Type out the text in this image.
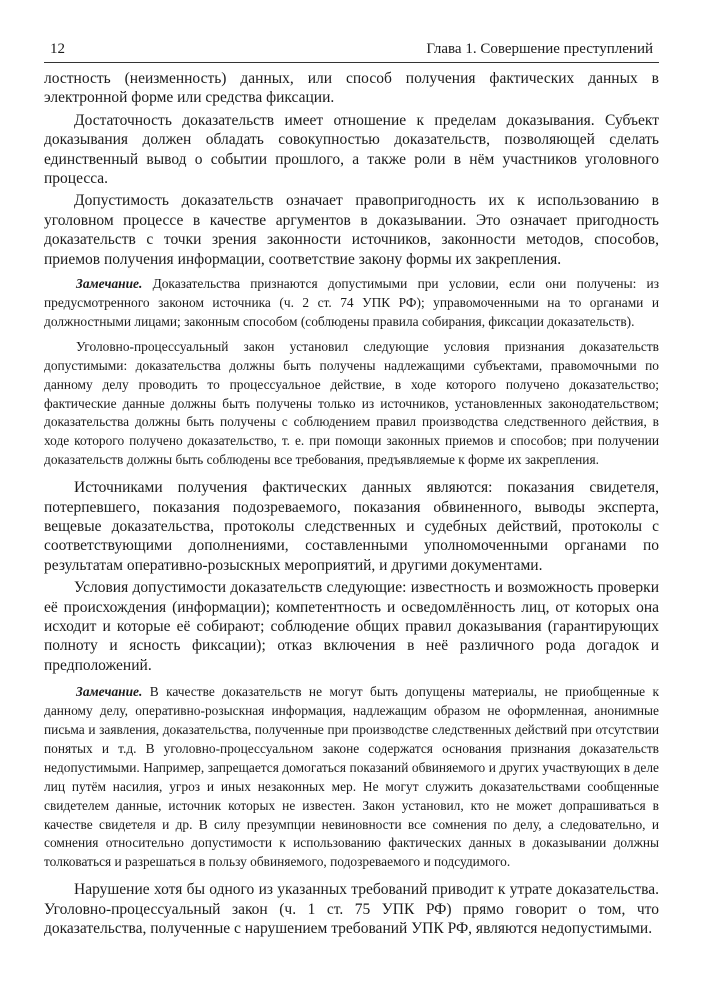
12	Глава 1. Совершение преступлений

лостность (неизменность) данных, или способ получения фактических данных в электронной форме или средства фиксации.

Достаточность доказательств имеет отношение к пределам доказывания. Субъект доказывания должен обладать совокупностью доказательств, позволяющей сделать единственный вывод о событии прошлого, а также роли в нём участников уголовного процесса.

Допустимость доказательств означает правопригодность их к использованию в уголовном процессе в качестве аргументов в доказывании. Это означает пригодность доказательств с точки зрения законности источников, законности методов, способов, приемов получения информации, соответствие закону формы их закрепления.

Замечание. Доказательства признаются допустимыми при условии, если они получены: из предусмотренного законом источника (ч. 2 ст. 74 УПК РФ); управомоченными на то органами и должностными лицами; законным способом (соблюдены правила собирания, фиксации доказательств).

Уголовно-процессуальный закон установил следующие условия признания доказательств допустимыми: доказательства должны быть получены надлежащими субъектами, правомочными по данному делу проводить то процессуальное действие, в ходе которого получено доказательство; фактические данные должны быть получены только из источников, установленных законодательством; доказательства должны быть получены с соблюдением правил производства следственного действия, в ходе которого получено доказательство, т. е. при помощи законных приемов и способов; при получении доказательств должны быть соблюдены все требования, предъявляемые к форме их закрепления.

Источниками получения фактических данных являются: показания свидетеля, потерпевшего, показания подозреваемого, показания обвиненного, выводы эксперта, вещевые доказательства, протоколы следственных и судебных действий, протоколы с соответствующими дополнениями, составленными уполномоченными органами по результатам оперативно-розыскных мероприятий, и другими документами.

Условия допустимости доказательств следующие: известность и возможность проверки её происхождения (информации); компетентность и осведомлённость лиц, от которых она исходит и которые её собирают; соблюдение общих правил доказывания (гарантирующих полноту и ясность фиксации); отказ включения в неё различного рода догадок и предположений.

Замечание. В качестве доказательств не могут быть допущены материалы, не приобщенные к данному делу, оперативно-розыскная информация, надлежащим образом не оформленная, анонимные письма и заявления, доказательства, полученные при производстве следственных действий при отсутствии понятых и т.д. В уголовно-процессуальном законе содержатся основания признания доказательств недопустимыми. Например, запрещается домогаться показаний обвиняемого и других участвующих в деле лиц путём насилия, угроз и иных незаконных мер. Не могут служить доказательствами сообщенные свидетелем данные, источник которых не известен. Закон установил, кто не может допрашиваться в качестве свидетеля и др. В силу презумпции невиновности все сомнения по делу, а следовательно, и сомнения относительно допустимости к использованию фактических данных в доказывании должны толковаться и разрешаться в пользу обвиняемого, подозреваемого и подсудимого.

Нарушение хотя бы одного из указанных требований приводит к утрате доказательства. Уголовно-процессуальный закон (ч. 1 ст. 75 УПК РФ) прямо говорит о том, что доказательства, полученные с нарушением требований УПК РФ, являются недопустимыми.
